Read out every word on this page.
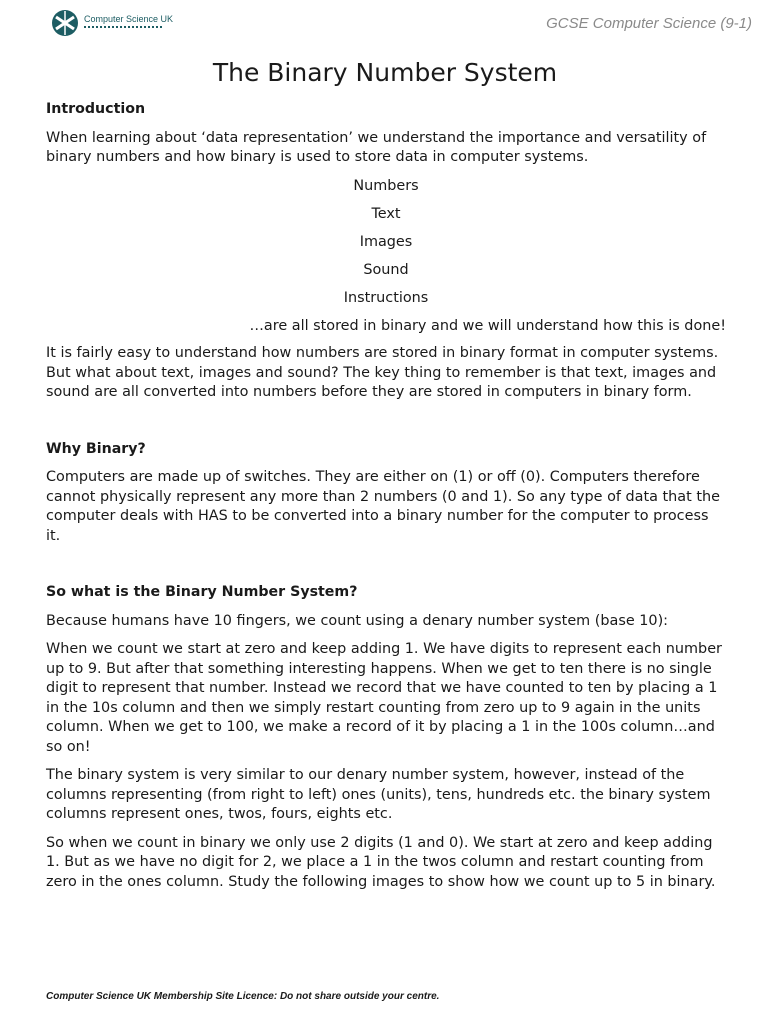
Computer Science UK	GCSE Computer Science (9-1)
The Binary Number System
Introduction

When learning about ‘data representation’ we understand the importance and versatility of binary numbers and how binary is used to store data in computer systems.

Numbers
Text
Images
Sound
Instructions
…are all stored in binary and we will understand how this is done!

It is fairly easy to understand how numbers are stored in binary format in computer systems. But what about text, images and sound? The key thing to remember is that text, images and sound are all converted into numbers before they are stored in computers in binary form.

Why Binary?

Computers are made up of switches. They are either on (1) or off (0). Computers therefore cannot physically represent any more than 2 numbers (0 and 1). So any type of data that the computer deals with HAS to be converted into a binary number for the computer to process it.

So what is the Binary Number System?

Because humans have 10 fingers, we count using a denary number system (base 10):

When we count we start at zero and keep adding 1. We have digits to represent each number up to 9. But after that something interesting happens. When we get to ten there is no single digit to represent that number. Instead we record that we have counted to ten by placing a 1 in the 10s column and then we simply restart counting from zero up to 9 again in the units column. When we get to 100, we make a record of it by placing a 1 in the 100s column…and so on!

The binary system is very similar to our denary number system, however, instead of the columns representing (from right to left) ones (units), tens, hundreds etc. the binary system columns represent ones, twos, fours, eights etc.

So when we count in binary we only use 2 digits (1 and 0). We start at zero and keep adding 1. But as we have no digit for 2, we place a 1 in the twos column and restart counting from zero in the ones column. Study the following images to show how we count up to 5 in binary.

Computer Science UK Membership Site Licence: Do not share outside your centre.
